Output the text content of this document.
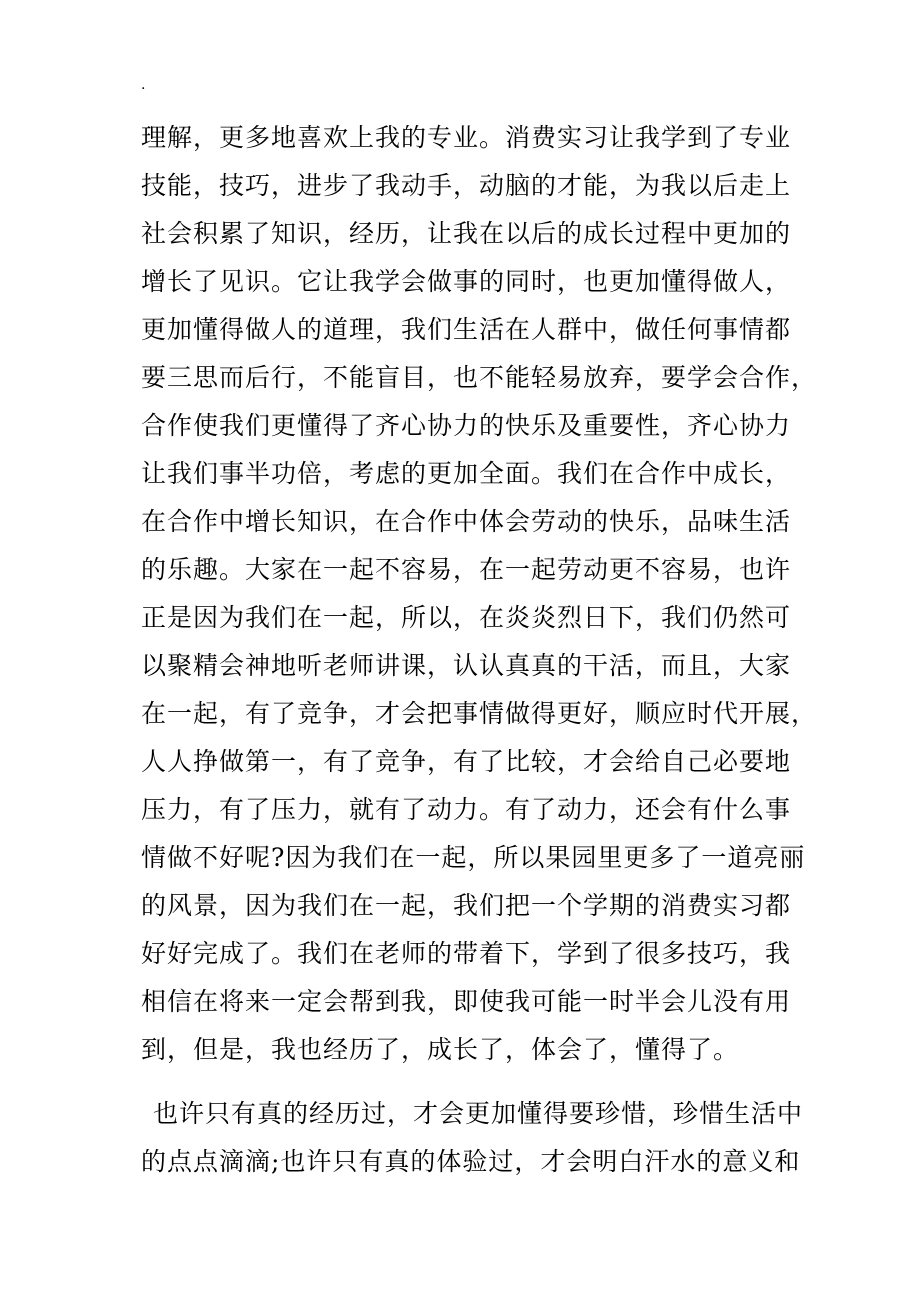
.
理解，更多地喜欢上我的专业。消费实习让我学到了专业
技能，技巧，进步了我动手，动脑的才能，为我以后走上
社会积累了知识，经历，让我在以后的成长过程中更加的
增长了见识。它让我学会做事的同时，也更加懂得做人，
更加懂得做人的道理，我们生活在人群中，做任何事情都
要三思而后行，不能盲目，也不能轻易放弃，要学会合作，
合作使我们更懂得了齐心协力的快乐及重要性，齐心协力
让我们事半功倍，考虑的更加全面。我们在合作中成长，
在合作中增长知识，在合作中体会劳动的快乐，品味生活
的乐趣。大家在一起不容易，在一起劳动更不容易，也许
正是因为我们在一起，所以，在炎炎烈日下，我们仍然可
以聚精会神地听老师讲课，认认真真的干活，而且，大家
在一起，有了竞争，才会把事情做得更好，顺应时代开展，
人人挣做第一，有了竞争，有了比较，才会给自己必要地
压力，有了压力，就有了动力。有了动力，还会有什么事
情做不好呢?因为我们在一起，所以果园里更多了一道亮丽
的风景，因为我们在一起，我们把一个学期的消费实习都
好好完成了。我们在老师的带着下，学到了很多技巧，我
相信在将来一定会帮到我，即使我可能一时半会儿没有用
到，但是，我也经历了，成长了，体会了，懂得了。
也许只有真的经历过，才会更加懂得要珍惜，珍惜生活中
的点点滴滴;也许只有真的体验过，才会明白汗水的意义和
